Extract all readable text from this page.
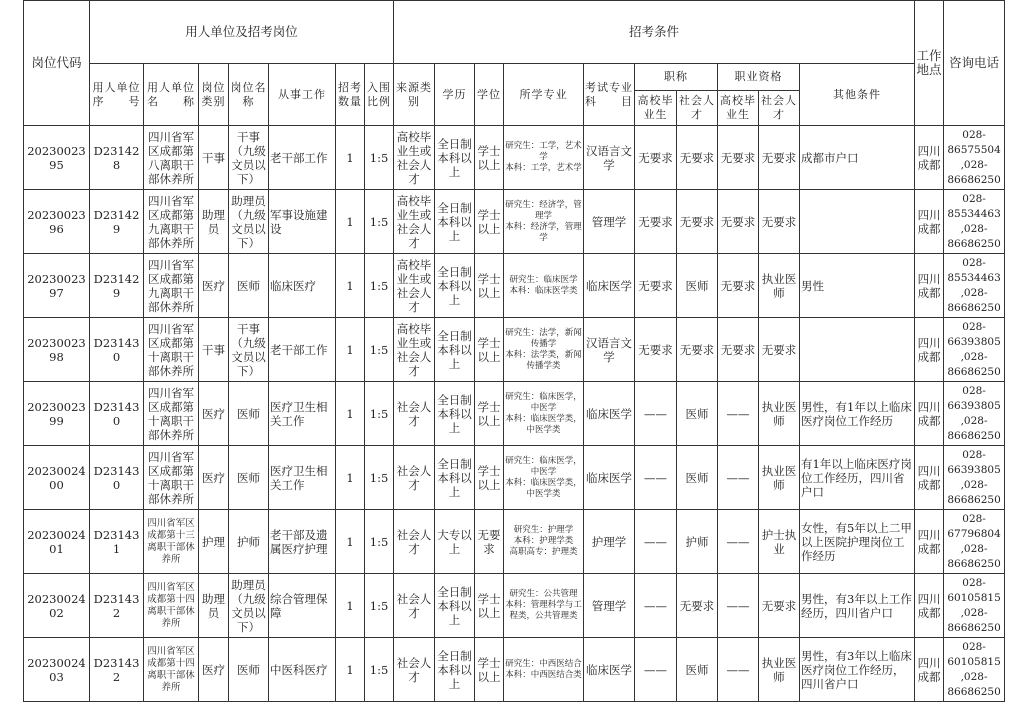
岗位代码	用人单位及招考岗位							招考条件										工作地点	咨询电话
	用人单位序　　号	用人单位名　　称	岗位类别	岗位名称	从事工作	招考数量	入围比例	来源类别	学历	学位	所学专业	考试专业科　　目	职称		职业资格		其他条件		
													高校毕业生	社会人才	高校毕业生	社会人才			
2023002395	D231428	四川省军区成都第八离职干部休养所	干事	干事（九级文员以下）	老干部工作	1	1:5	高校毕业生或社会人才	全日制本科以上	学士以上	研究生：工学，艺术学
本科：工学，艺术学	汉语言文学	无要求	无要求	无要求	无要求	成都市户口	四川成都	028-
86575504
,028-
86686250
2023002396	D231429	四川省军区成都第九离职干部休养所	助理员	助理员（九级文员以下）	军事设施建设	1	1:5	高校毕业生或社会人才	全日制本科以上	学士以上	研究生：经济学，管理学
本科：经济学，管理学	管理学	无要求	无要求	无要求	无要求		四川成都	028-
85534463
,028-
86686250
2023002397	D231429	四川省军区成都第九离职干部休养所	医疗	医师	临床医疗	1	1:5	高校毕业生或社会人才	全日制本科以上	学士以上	研究生：临床医学
本科：临床医学类	临床医学	无要求	医师	无要求	执业医师	男性	四川成都	028-
85534463
,028-
86686250
2023002398	D231430	四川省军区成都第十离职干部休养所	干事	干事（九级文员以下）	老干部工作	1	1:5	高校毕业生或社会人才	全日制本科以上	学士以上	研究生：法学，新闻传播学
本科：法学类，新闻传播学类	汉语言文学	无要求	无要求	无要求	无要求		四川成都	028-
66393805
,028-
86686250
2023002399	D231430	四川省军区成都第十离职干部休养所	医疗	医师	医疗卫生相关工作	1	1:5	社会人才	全日制本科以上	学士以上	研究生：临床医学，中医学
本科：临床医学类，中医学类	临床医学	——	医师	——	执业医师	男性，有1年以上临床医疗岗位工作经历	四川成都	028-
66393805
,028-
86686250
2023002400	D231430	四川省军区成都第十离职干部休养所	医疗	医师	医疗卫生相关工作	1	1:5	社会人才	全日制本科以上	学士以上	研究生：临床医学，中医学
本科：临床医学类，中医学类	临床医学	——	医师	——	执业医师	有1年以上临床医疗岗位工作经历，四川省户口	四川成都	028-
66393805
,028-
86686250
2023002401	D231431	四川省军区成都第十三离职干部休养所	护理	护师	老干部及遗属医疗护理	1	1:5	社会人才	大专以上	无要求	研究生：护理学
本科：护理学类
高职高专：护理类	护理学	——	护师	——	护士执业	女性，有5年以上二甲以上医院护理岗位工作经历	四川成都	028-
67796804
,028-
86686250
2023002402	D231432	四川省军区成都第十四离职干部休养所	助理员	助理员（九级文员以下）	综合管理保障	1	1:5	社会人才	全日制本科以上	学士以上	研究生：公共管理
本科：管理科学与工程类，公共管理类	管理学	——	无要求	——	无要求	男性，有3年以上工作经历，四川省户口	四川成都	028-
60105815
,028-
86686250
2023002403	D231432	四川省军区成都第十四离职干部休养所	医疗	医师	中医科医疗	1	1:5	社会人才	全日制本科以上	学士以上	研究生：中西医结合
本科：中西医结合类	临床医学	——	医师	——	执业医师	男性，有3年以上临床医疗岗位工作经历，四川省户口	四川成都	028-
60105815
,028-
86686250
